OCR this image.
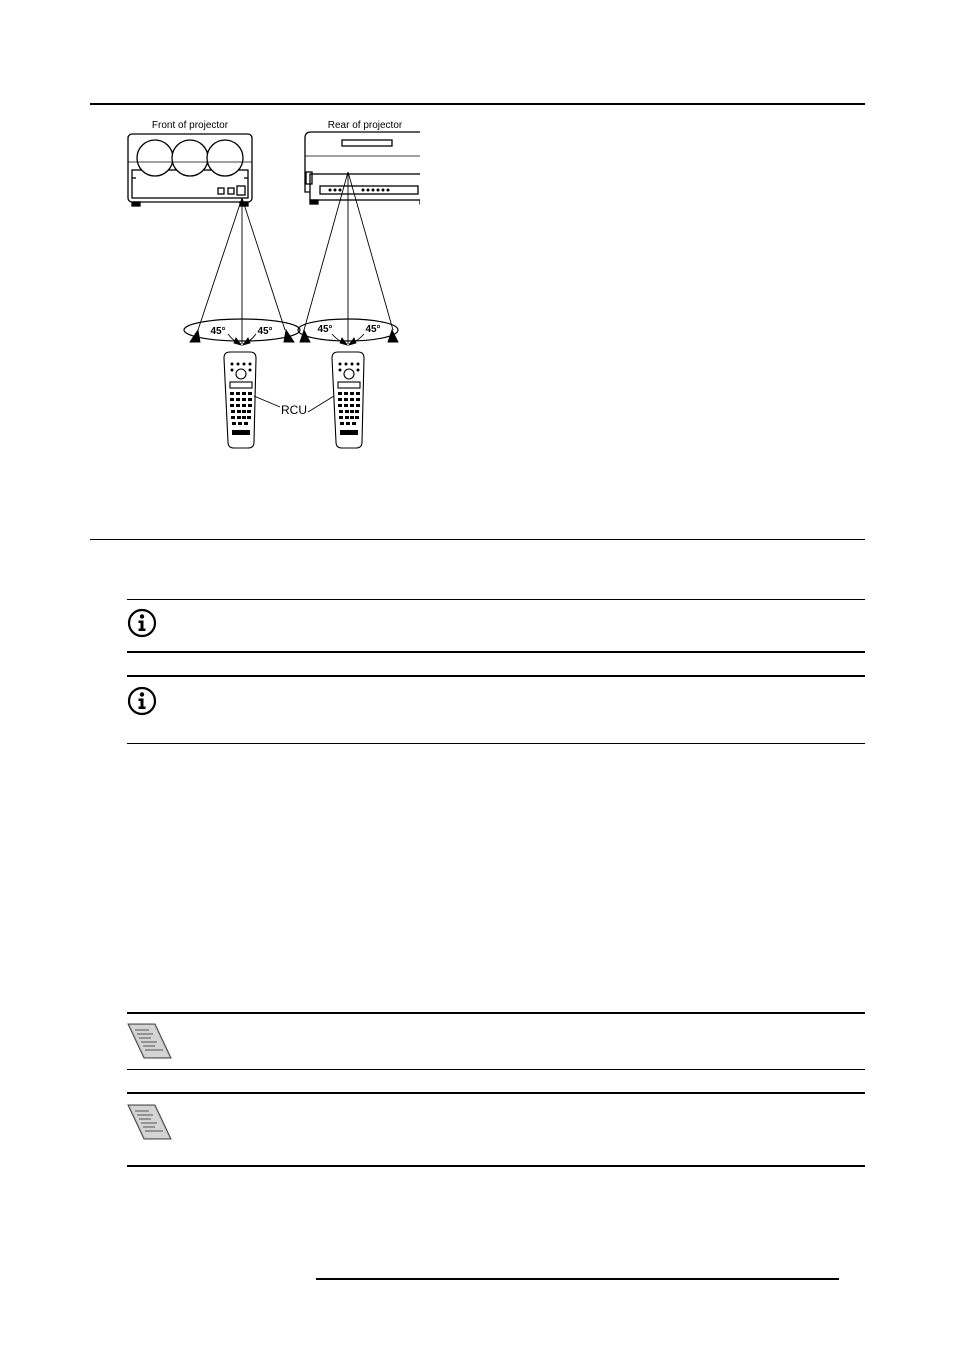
Front of projector	Rear of projector
45°	45°	45°	45°
RCU
